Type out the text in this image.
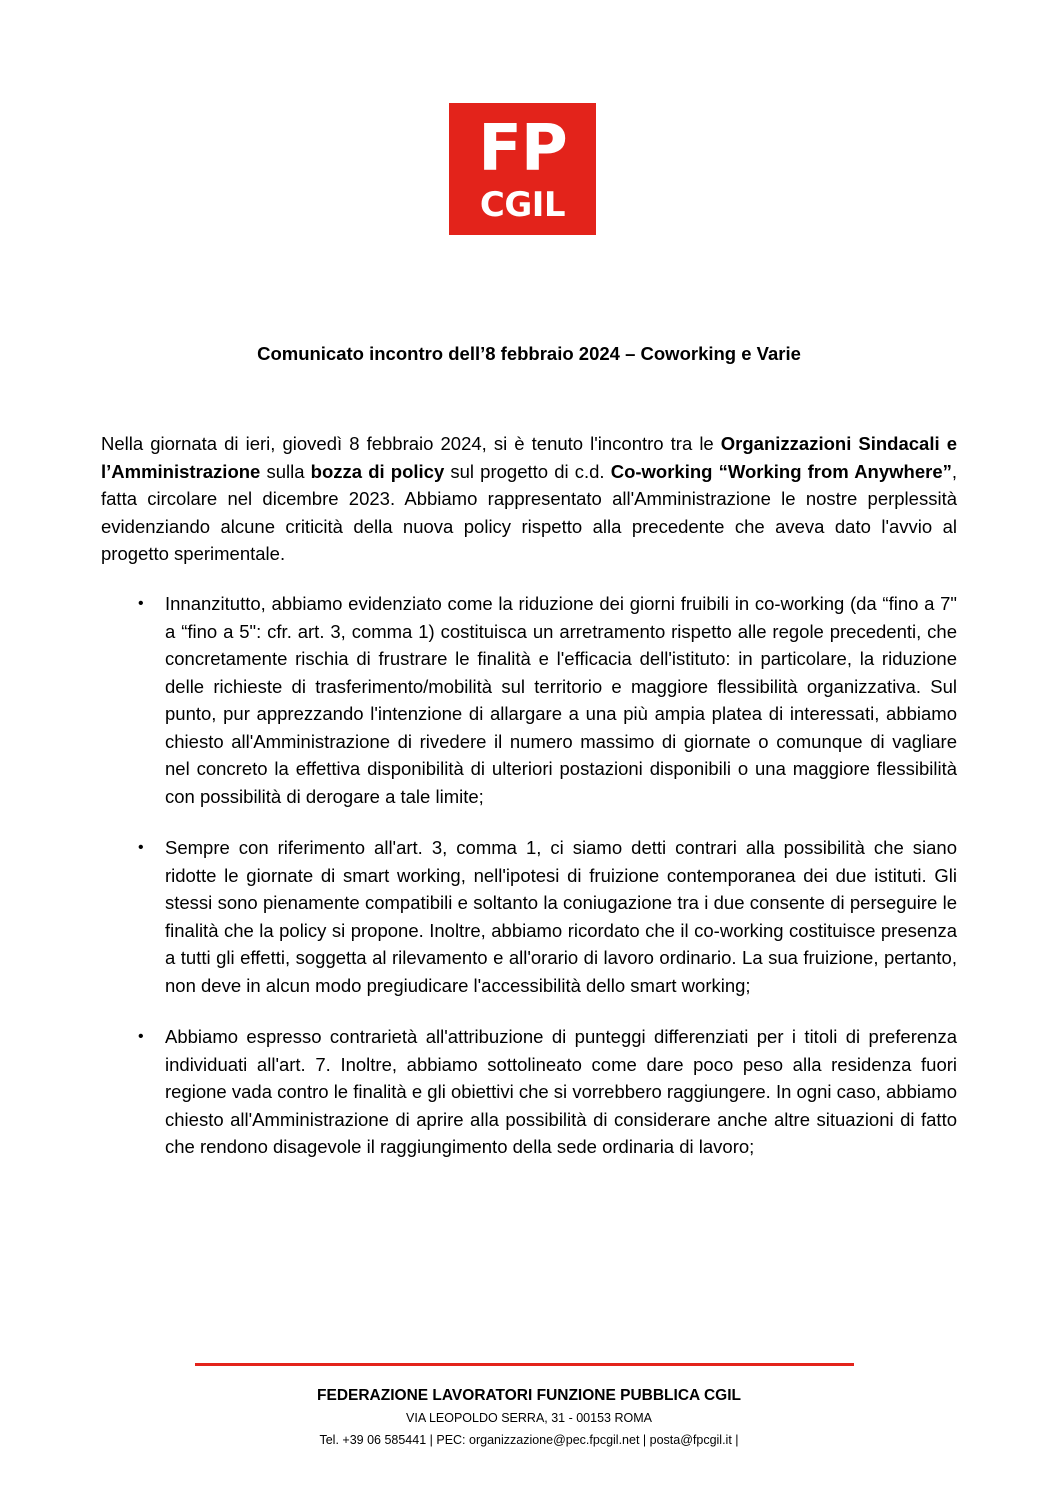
FP
CGIL
Comunicato incontro dell’8 febbraio 2024 – Coworking e Varie
Nella giornata di ieri, giovedì 8 febbraio 2024, si è tenuto l'incontro tra le Organizzazioni Sindacali e l’Amministrazione sulla bozza di policy sul progetto di c.d. Co-working “Working from Anywhere”, fatta circolare nel dicembre 2023. Abbiamo rappresentato all'Amministrazione le nostre perplessità evidenziando alcune criticità della nuova policy rispetto alla precedente che aveva dato l'avvio al progetto sperimentale.
• Innanzitutto, abbiamo evidenziato come la riduzione dei giorni fruibili in co-working (da “fino a 7" a “fino a 5": cfr. art. 3, comma 1) costituisca un arretramento rispetto alle regole precedenti, che concretamente rischia di frustrare le finalità e l'efficacia dell'istituto: in particolare, la riduzione delle richieste di trasferimento/mobilità sul territorio e maggiore flessibilità organizzativa. Sul punto, pur apprezzando l'intenzione di allargare a una più ampia platea di interessati, abbiamo chiesto all'Amministrazione di rivedere il numero massimo di giornate o comunque di vagliare nel concreto la effettiva disponibilità di ulteriori postazioni disponibili o una maggiore flessibilità con possibilità di derogare a tale limite;
• Sempre con riferimento all'art. 3, comma 1, ci siamo detti contrari alla possibilità che siano ridotte le giornate di smart working, nell'ipotesi di fruizione contemporanea dei due istituti. Gli stessi sono pienamente compatibili e soltanto la coniugazione tra i due consente di perseguire le finalità che la policy si propone. Inoltre, abbiamo ricordato che il co-working costituisce presenza a tutti gli effetti, soggetta al rilevamento e all'orario di lavoro ordinario. La sua fruizione, pertanto, non deve in alcun modo pregiudicare l'accessibilità dello smart working;
• Abbiamo espresso contrarietà all'attribuzione di punteggi differenziati per i titoli di preferenza individuati all'art. 7. Inoltre, abbiamo sottolineato come dare poco peso alla residenza fuori regione vada contro le finalità e gli obiettivi che si vorrebbero raggiungere. In ogni caso, abbiamo chiesto all'Amministrazione di aprire alla possibilità di considerare anche altre situazioni di fatto che rendono disagevole il raggiungimento della sede ordinaria di lavoro;
FEDERAZIONE LAVORATORI FUNZIONE PUBBLICA CGIL
VIA LEOPOLDO SERRA, 31 - 00153 ROMA
Tel. +39 06 585441 | PEC: organizzazione@pec.fpcgil.net | posta@fpcgil.it |
